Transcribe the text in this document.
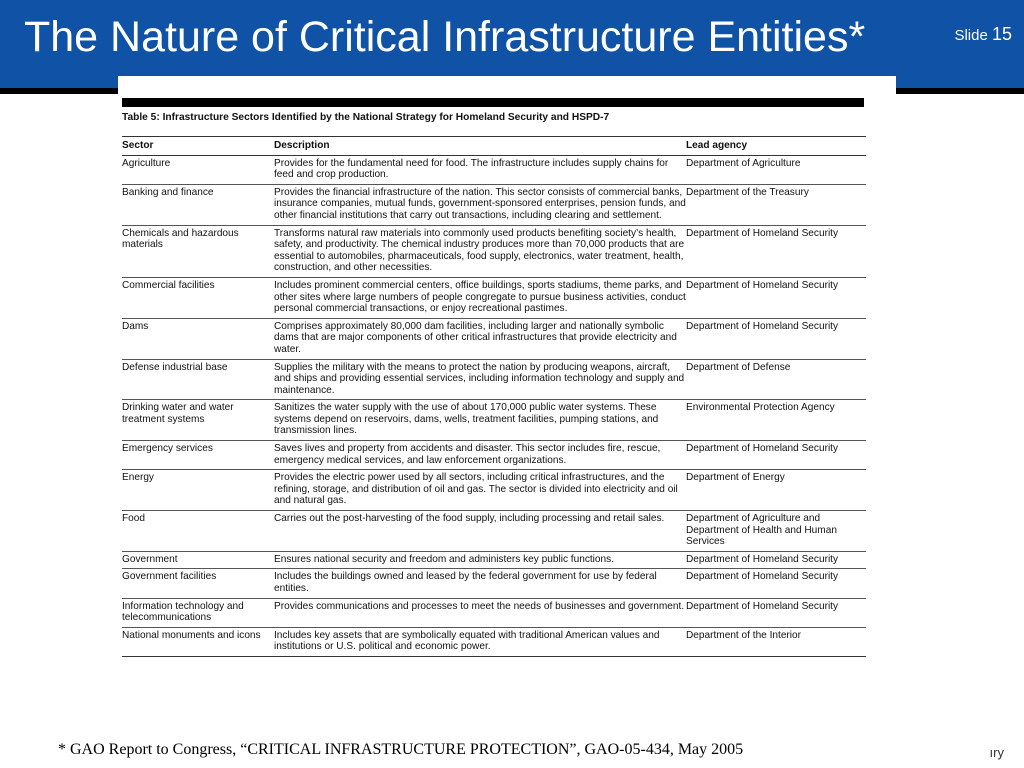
The Nature of Critical Infrastructure Entities*	Slide 15
Table 5: Infrastructure Sectors Identified by the National Strategy for Homeland Security and HSPD-7
Sector	Description	Lead agency
Agriculture	Provides for the fundamental need for food. The infrastructure includes supply chains for feed and crop production.	Department of Agriculture
Banking and finance	Provides the financial infrastructure of the nation. This sector consists of commercial banks, insurance companies, mutual funds, government-sponsored enterprises, pension funds, and other financial institutions that carry out transactions, including clearing and settlement.	Department of the Treasury
Chemicals and hazardous materials	Transforms natural raw materials into commonly used products benefiting society’s health, safety, and productivity. The chemical industry produces more than 70,000 products that are essential to automobiles, pharmaceuticals, food supply, electronics, water treatment, health, construction, and other necessities.	Department of Homeland Security
Commercial facilities	Includes prominent commercial centers, office buildings, sports stadiums, theme parks, and other sites where large numbers of people congregate to pursue business activities, conduct personal commercial transactions, or enjoy recreational pastimes.	Department of Homeland Security
Dams	Comprises approximately 80,000 dam facilities, including larger and nationally symbolic dams that are major components of other critical infrastructures that provide electricity and water.	Department of Homeland Security
Defense industrial base	Supplies the military with the means to protect the nation by producing weapons, aircraft, and ships and providing essential services, including information technology and supply and maintenance.	Department of Defense
Drinking water and water treatment systems	Sanitizes the water supply with the use of about 170,000 public water systems. These systems depend on reservoirs, dams, wells, treatment facilities, pumping stations, and transmission lines.	Environmental Protection Agency
Emergency services	Saves lives and property from accidents and disaster. This sector includes fire, rescue, emergency medical services, and law enforcement organizations.	Department of Homeland Security
Energy	Provides the electric power used by all sectors, including critical infrastructures, and the refining, storage, and distribution of oil and gas. The sector is divided into electricity and oil and natural gas.	Department of Energy
Food	Carries out the post-harvesting of the food supply, including processing and retail sales.	Department of Agriculture and Department of Health and Human Services
Government	Ensures national security and freedom and administers key public functions.	Department of Homeland Security
Government facilities	Includes the buildings owned and leased by the federal government for use by federal entities.	Department of Homeland Security
Information technology and telecommunications	Provides communications and processes to meet the needs of businesses and government.	Department of Homeland Security
National monuments and icons	Includes key assets that are symbolically equated with traditional American values and institutions or U.S. political and economic power.	Department of the Interior
* GAO Report to Congress, “CRITICAL INFRASTRUCTURE PROTECTION”, GAO-05-434, May 2005	ıry
